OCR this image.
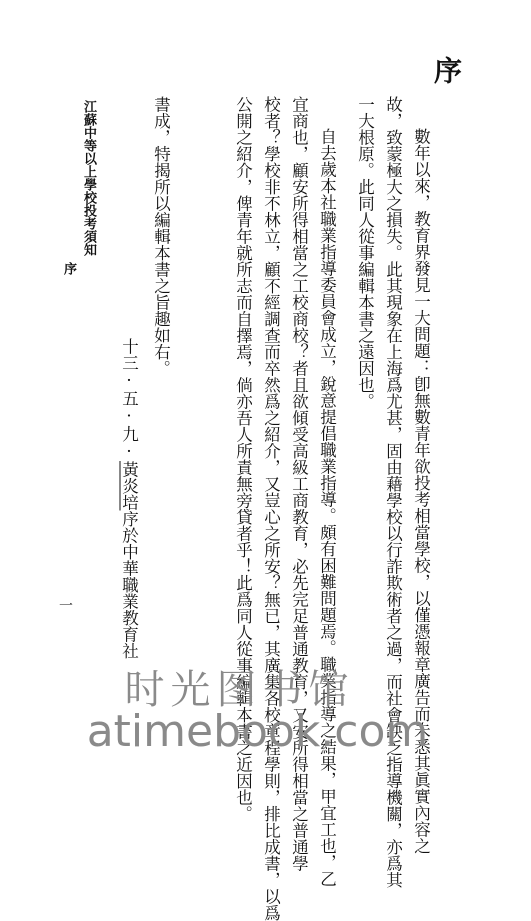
序
數年以來，教育界發見一大問題：卽無數青年欲投考相當學校，以僅憑報章廣告而未悉其眞實內容之
故，致蒙極大之損失。此其現象在上海爲尤甚，固由藉學校以行詐欺術者之過，而社會缺乏指導機關，亦爲其
一大根原。此同人從事編輯本書之遠因也。
自去歲本社職業指導委員會成立，銳意提倡職業指導。頗有困難問題焉。職業指導之結果，甲宜工也，乙
宜商也，顧安所得相當之工校商校？者且欲傾受高級工商教育，必先完足普通教育，又安所得相當之普通學
校者？學校非不林立，顧不經調查而卒然爲之紹介，又豈心之所安？無已，其廣集各校章程學則，排比成書，以爲
公開之紹介，俾青年就所志而自擇焉，倘亦吾人所責無旁貸者乎！此爲同人從事編輯本書之近因也。
書成，特揭所以編輯本書之旨趣如右。
十三·五·九·黃炎培序於中華職業教育社
江蘇中等以上學校投考須知
序
一
时光图书馆
atimebook.com
